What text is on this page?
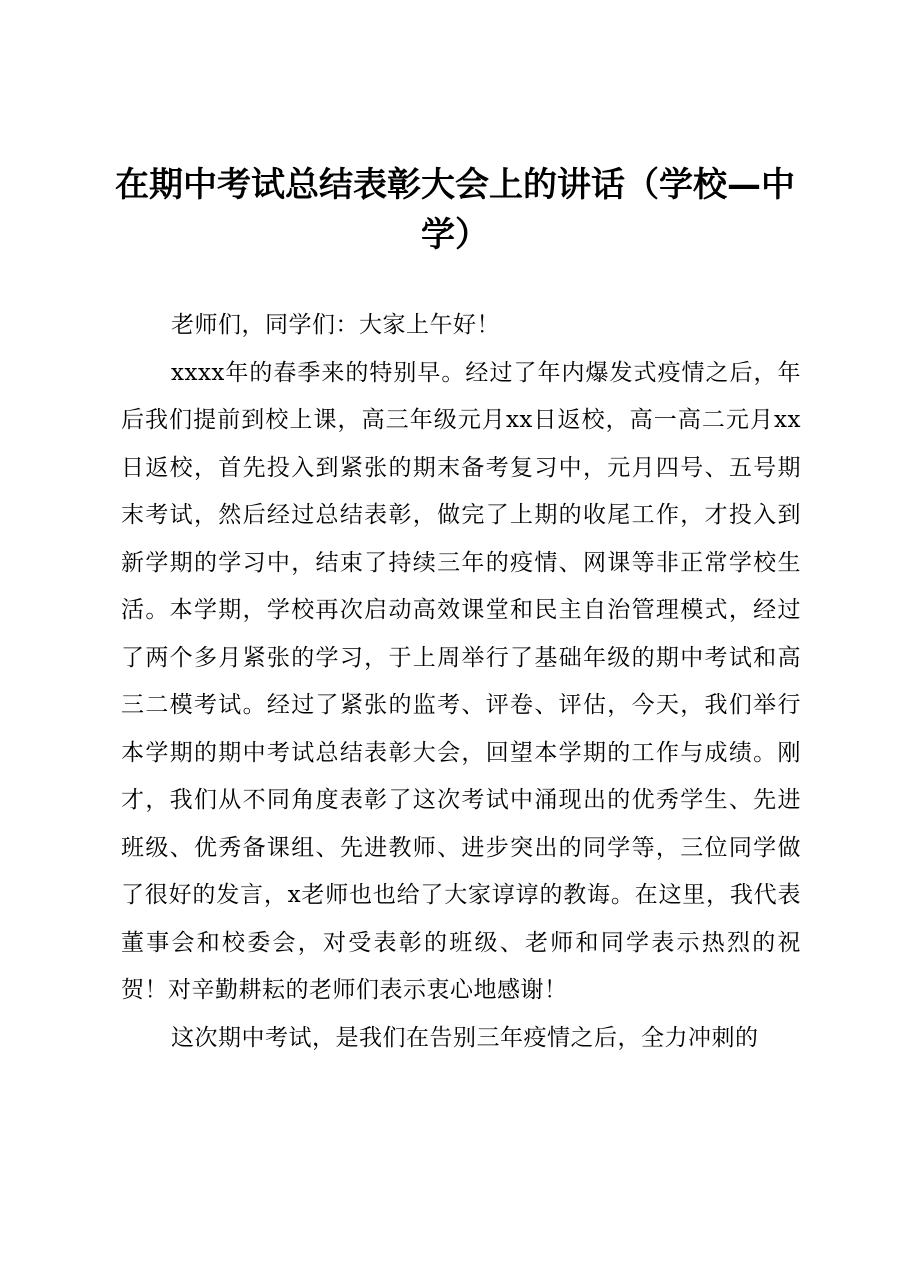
在期中考试总结表彰大会上的讲话（学校—中学）

老师们，同学们：大家上午好！

xxxx年的春季来的特别早。经过了年内爆发式疫情之后，年后我们提前到校上课，高三年级元月xx日返校，高一高二元月xx日返校，首先投入到紧张的期末备考复习中，元月四号、五号期末考试，然后经过总结表彰，做完了上期的收尾工作，才投入到新学期的学习中，结束了持续三年的疫情、网课等非正常学校生活。本学期，学校再次启动高效课堂和民主自治管理模式，经过了两个多月紧张的学习，于上周举行了基础年级的期中考试和高三二模考试。经过了紧张的监考、评卷、评估，今天，我们举行本学期的期中考试总结表彰大会，回望本学期的工作与成绩。刚才，我们从不同角度表彰了这次考试中涌现出的优秀学生、先进班级、优秀备课组、先进教师、进步突出的同学等，三位同学做了很好的发言，x老师也也给了大家谆谆的教诲。在这里，我代表董事会和校委会，对受表彰的班级、老师和同学表示热烈的祝贺！对辛勤耕耘的老师们表示衷心地感谢！

这次期中考试，是我们在告别三年疫情之后，全力冲刺的
